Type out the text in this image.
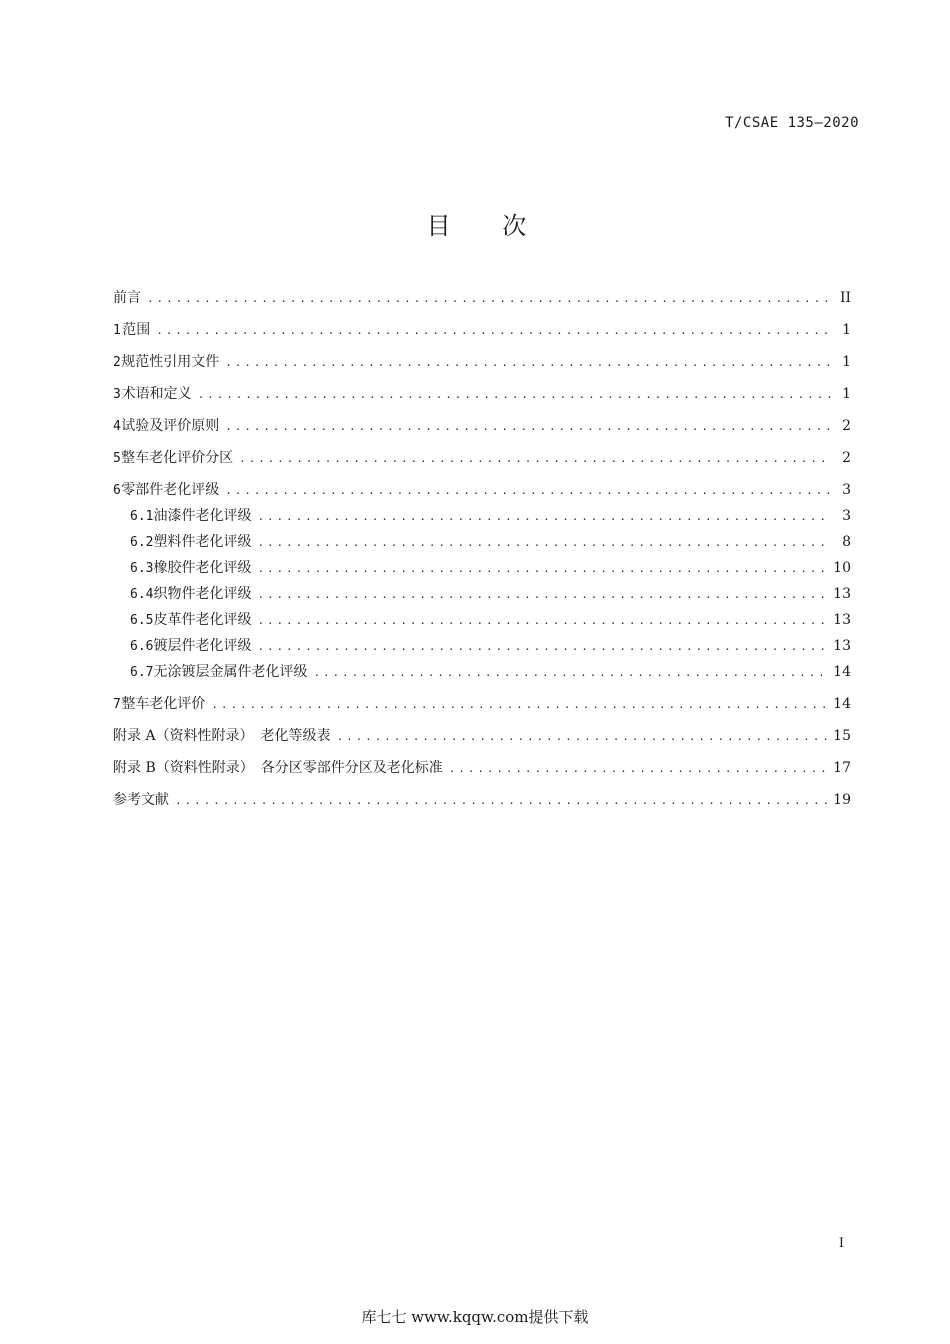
T/CSAE 135—2020
目 次
前言 .....	II
1 范围 .....	1
2 规范性引用文件 .....	1
3 术语和定义 .....	1
4 试验及评价原则 .....	2
5 整车老化评价分区 .....	2
6 零部件老化评级 .....	3
6.1 油漆件老化评级 .....	3
6.2 塑料件老化评级 .....	8
6.3 橡胶件老化评级 .....	10
6.4 织物件老化评级 .....	13
6.5 皮革件老化评级 .....	13
6.6 镀层件老化评级 .....	13
6.7 无涂镀层金属件老化评级 .....	14
7 整车老化评价 .....	14
附录 A（资料性附录）　老化等级表 .....	15
附录 B（资料性附录）　各分区零部件分区及老化标准 .....	17
参考文献 .....	19
I
库七七 www.kqqw.com提供下载
